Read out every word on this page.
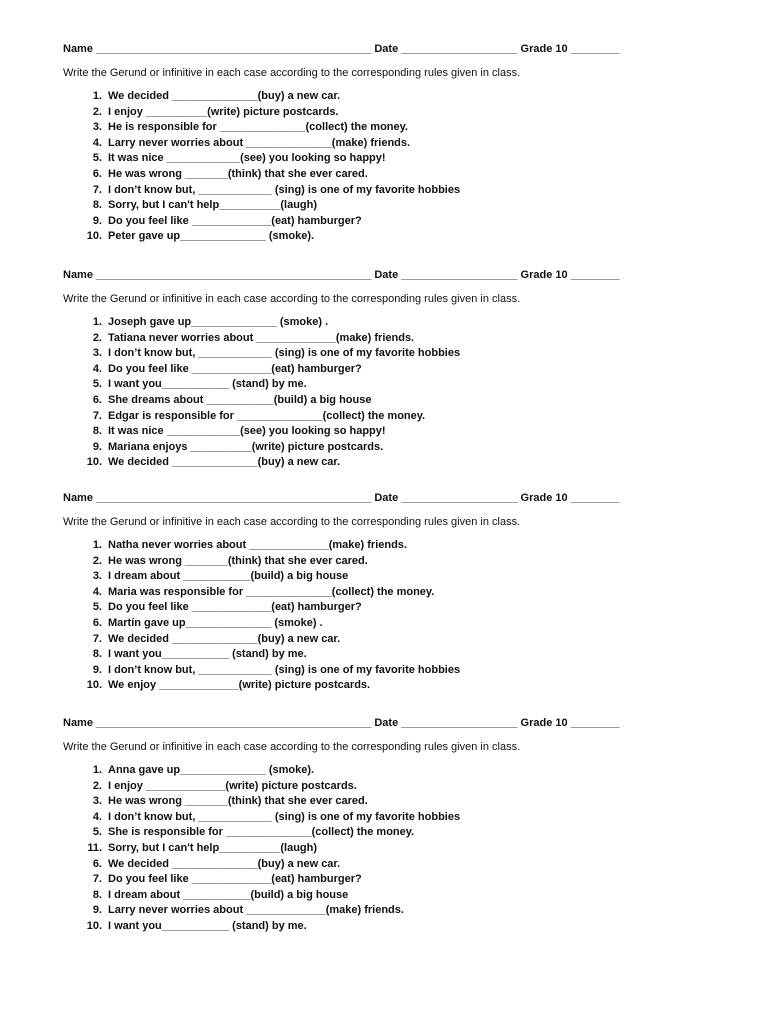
Name _____________________________________________ Date ___________________ Grade 10 ________
Write the Gerund or infinitive in each case according to the corresponding rules given in class.
1. We decided ______________(buy) a new car.
2. I enjoy __________(write) picture postcards.
3. He is responsible for ______________(collect) the money.
4. Larry never worries about ______________(make) friends.
5. It was nice ____________(see) you looking so happy!
6. He was wrong _______(think) that she ever cared.
7. I don’t know but, ____________ (sing) is one of my favorite hobbies
8. Sorry, but I can't help__________(laugh)
9. Do you feel like _____________(eat) hamburger?
10. Peter gave up______________ (smoke).
Name _____________________________________________ Date ___________________ Grade 10 ________
Write the Gerund or infinitive in each case according to the corresponding rules given in class.
1. Joseph gave up______________ (smoke) .
2. Tatiana never worries about _____________(make) friends.
3. I don’t know but, ____________ (sing) is one of my favorite hobbies
4. Do you feel like _____________(eat) hamburger?
5. I want you___________ (stand) by me.
6. She dreams about ___________(build) a big house
7. Edgar is responsible for ______________(collect) the money.
8. It was nice ____________(see) you looking so happy!
9. Mariana enjoys __________(write) picture postcards.
10. We decided ______________(buy) a new car.
Name _____________________________________________ Date ___________________ Grade 10 ________
Write the Gerund or infinitive in each case according to the corresponding rules given in class.
1. Natha never worries about _____________(make) friends.
2. He was wrong _______(think) that she ever cared.
3. I dream about ___________(build) a big house
4. Maria was responsible for ______________(collect) the money.
5. Do you feel like _____________(eat) hamburger?
6. Martín gave up______________ (smoke) .
7. We decided ______________(buy) a new car.
8. I want you___________ (stand) by me.
9. I don’t know but, ____________ (sing) is one of my favorite hobbies
10. We enjoy _____________(write) picture postcards.
Name _____________________________________________ Date ___________________ Grade 10 ________
Write the Gerund or infinitive in each case according to the corresponding rules given in class.
1. Anna gave up______________ (smoke).
2. I enjoy _____________(write) picture postcards.
3. He was wrong _______(think) that she ever cared.
4. I don’t know but, ____________ (sing) is one of my favorite hobbies
5. She is responsible for ______________(collect) the money.
11. Sorry, but I can't help__________(laugh)
6. We decided ______________(buy) a new car.
7. Do you feel like _____________(eat) hamburger?
8. I dream about ___________(build) a big house
9. Larry never worries about _____________(make) friends.
10. I want you___________ (stand) by me.
